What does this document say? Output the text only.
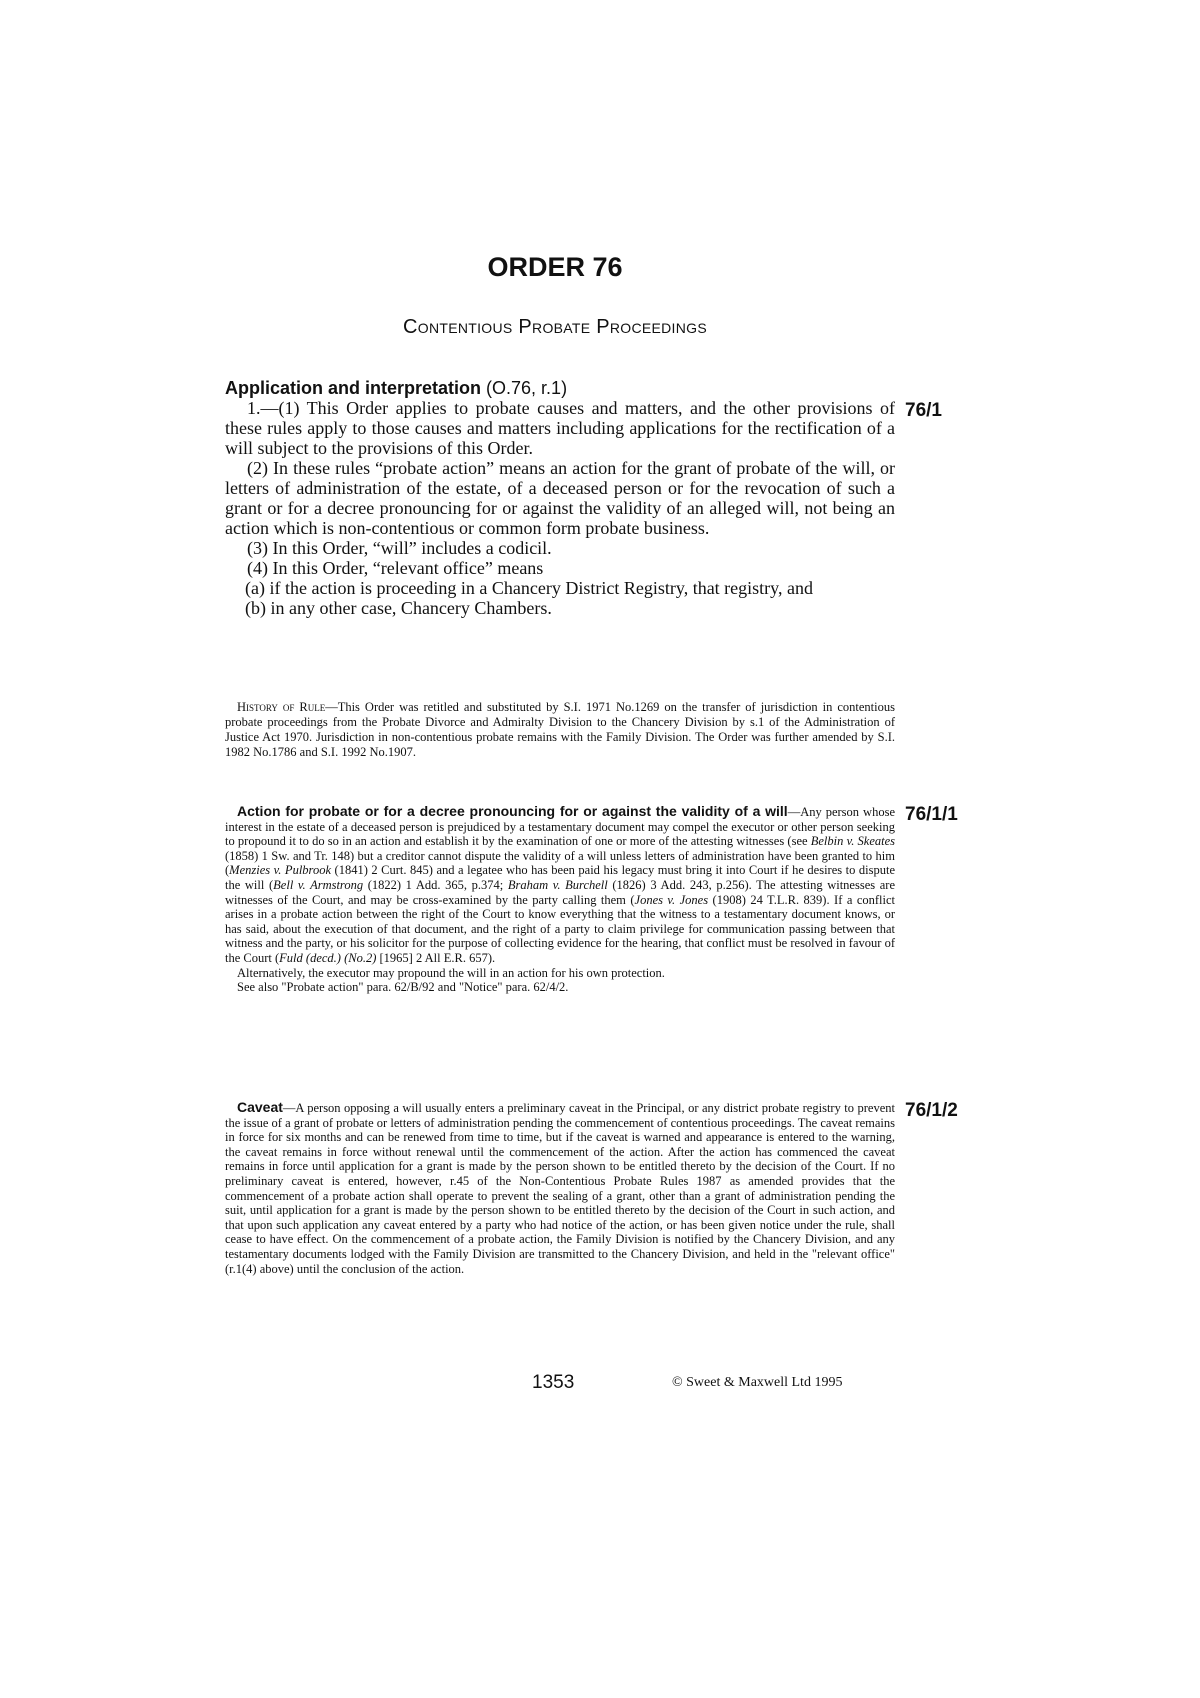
ORDER 76
Contentious Probate Proceedings
Application and interpretation (O.76, r.1)

1.—(1) This Order applies to probate causes and matters, and the other provisions of these rules apply to those causes and matters including applications for the rectification of a will subject to the provisions of this Order.

(2) In these rules “probate action” means an action for the grant of probate of the will, or letters of administration of the estate, of a deceased person or for the revocation of such a grant or for a decree pronouncing for or against the validity of an alleged will, not being an action which is non-contentious or common form probate business.

(3) In this Order, “will” includes a codicil.

(4) In this Order, “relevant office” means

(a) if the action is proceeding in a Chancery District Registry, that registry, and

(b) in any other case, Chancery Chambers.

76/1

History of Rule—This Order was retitled and substituted by S.I. 1971 No.1269 on the transfer of jurisdiction in contentious probate proceedings from the Probate Divorce and Admiralty Division to the Chancery Division by s.1 of the Administration of Justice Act 1970. Jurisdiction in non-contentious probate remains with the Family Division. The Order was further amended by S.I. 1982 No.1786 and S.I. 1992 No.1907.

Action for probate or for a decree pronouncing for or against the validity of a will—Any person whose interest in the estate of a deceased person is prejudiced by a testamentary document may compel the executor or other person seeking to propound it to do so in an action and establish it by the examination of one or more of the attesting witnesses (see Belbin v. Skeates (1858) 1 Sw. and Tr. 148) but a creditor cannot dispute the validity of a will unless letters of administration have been granted to him (Menzies v. Pulbrook (1841) 2 Curt. 845) and a legatee who has been paid his legacy must bring it into Court if he desires to dispute the will (Bell v. Armstrong (1822) 1 Add. 365, p.374; Braham v. Burchell (1826) 3 Add. 243, p.256). The attesting witnesses are witnesses of the Court, and may be cross-examined by the party calling them (Jones v. Jones (1908) 24 T.L.R. 839). If a conflict arises in a probate action between the right of the Court to know everything that the witness to a testamentary document knows, or has said, about the execution of that document, and the right of a party to claim privilege for communication passing between that witness and the party, or his solicitor for the purpose of collecting evidence for the hearing, that conflict must be resolved in favour of the Court (Fuld (decd.) (No.2) [1965] 2 All E.R. 657).

Alternatively, the executor may propound the will in an action for his own protection.

See also "Probate action" para. 62/B/92 and "Notice" para. 62/4/2.

76/1/1

Caveat—A person opposing a will usually enters a preliminary caveat in the Principal, or any district probate registry to prevent the issue of a grant of probate or letters of administration pending the commencement of contentious proceedings. The caveat remains in force for six months and can be renewed from time to time, but if the caveat is warned and appearance is entered to the warning, the caveat remains in force without renewal until the commencement of the action. After the action has commenced the caveat remains in force until application for a grant is made by the person shown to be entitled thereto by the decision of the Court. If no preliminary caveat is entered, however, r.45 of the Non-Contentious Probate Rules 1987 as amended provides that the commencement of a probate action shall operate to prevent the sealing of a grant, other than a grant of administration pending the suit, until application for a grant is made by the person shown to be entitled thereto by the decision of the Court in such action, and that upon such application any caveat entered by a party who had notice of the action, or has been given notice under the rule, shall cease to have effect. On the commencement of a probate action, the Family Division is notified by the Chancery Division, and any testamentary documents lodged with the Family Division are transmitted to the Chancery Division, and held in the "relevant office" (r.1(4) above) until the conclusion of the action.

76/1/2
1353	© Sweet & Maxwell Ltd 1995
